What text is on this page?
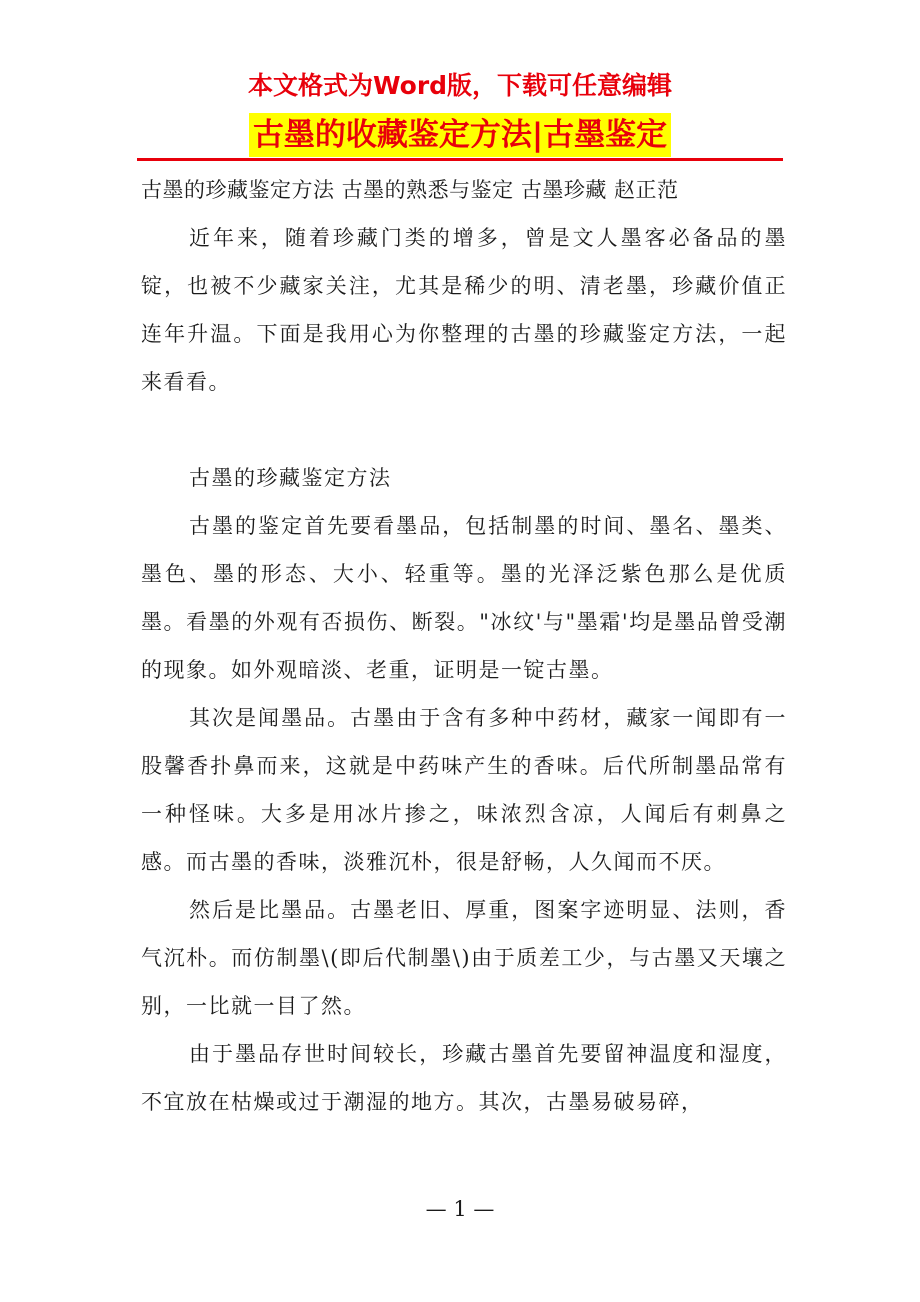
本文格式为Word版，下载可任意编辑
古墨的收藏鉴定方法|古墨鉴定

古墨的珍藏鉴定方法 古墨的熟悉与鉴定 古墨珍藏 赵正范

近年来，随着珍藏门类的增多，曾是文人墨客必备品的墨锭，也被不少藏家关注，尤其是稀少的明、清老墨，珍藏价值正连年升温。下面是我用心为你整理的古墨的珍藏鉴定方法，一起来看看。

古墨的珍藏鉴定方法

古墨的鉴定首先要看墨品，包括制墨的时间、墨名、墨类、墨色、墨的形态、大小、轻重等。墨的光泽泛紫色那么是优质墨。看墨的外观有否损伤、断裂。"冰纹'与"墨霜'均是墨品曾受潮的现象。如外观暗淡、老重，证明是一锭古墨。

其次是闻墨品。古墨由于含有多种中药材，藏家一闻即有一股馨香扑鼻而来，这就是中药味产生的香味。后代所制墨品常有一种怪味。大多是用冰片掺之，味浓烈含凉，人闻后有刺鼻之感。而古墨的香味，淡雅沉朴，很是舒畅，人久闻而不厌。

然后是比墨品。古墨老旧、厚重，图案字迹明显、法则，香气沉朴。而仿制墨\(即后代制墨\)由于质差工少，与古墨又天壤之别，一比就一目了然。

由于墨品存世时间较长，珍藏古墨首先要留神温度和湿度，不宜放在枯燥或过于潮湿的地方。其次，古墨易破易碎，

— 1 —
